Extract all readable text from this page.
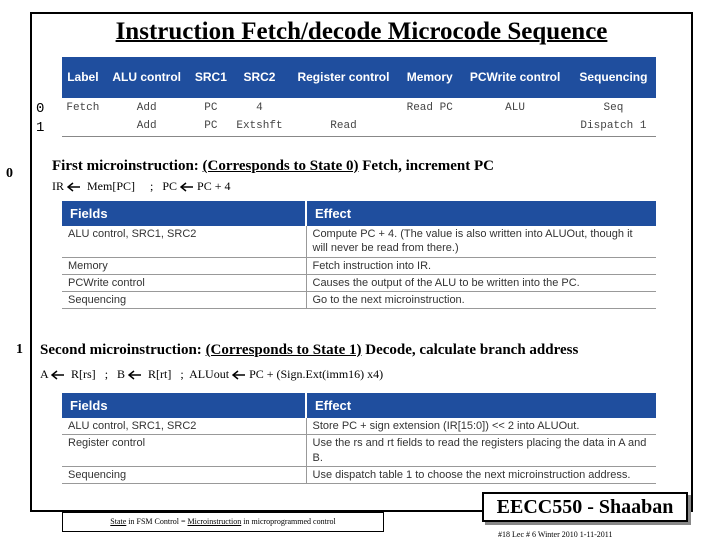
Instruction Fetch/decode Microcode Sequence
Label	ALU control	SRC1	SRC2	Register control	Memory	PCWrite control	Sequencing
Fetch	Add	PC	4		Read PC	ALU	Seq
	Add	PC	Extshft	Read			Dispatch 1
0
1
0	First microinstruction: (Corresponds to State 0) Fetch, increment PC
IR Mem[PC] ; PC PC + 4
Fields	Effect
ALU control, SRC1, SRC2	Compute PC + 4. (The value is also written into ALUOut, though it will never be read from there.)
Memory	Fetch instruction into IR.
PCWrite control	Causes the output of the ALU to be written into the PC.
Sequencing	Go to the next microinstruction.
1 Second microinstruction: (Corresponds to State 1) Decode, calculate branch address
A R[rs] ; B R[rt] ; ALUout PC + (Sign.Ext(imm16) x4)
Fields	Effect
ALU control, SRC1, SRC2	Store PC + sign extension (IR[15:0]) << 2 into ALUOut.
Register control	Use the rs and rt fields to read the registers placing the data in A and B.
Sequencing	Use dispatch table 1 to choose the next microinstruction address.
State in FSM Control = Microinstruction in microprogrammed control
EECC550 - Shaaban
#18 Lec # 6 Winter 2010 1-11-2011
